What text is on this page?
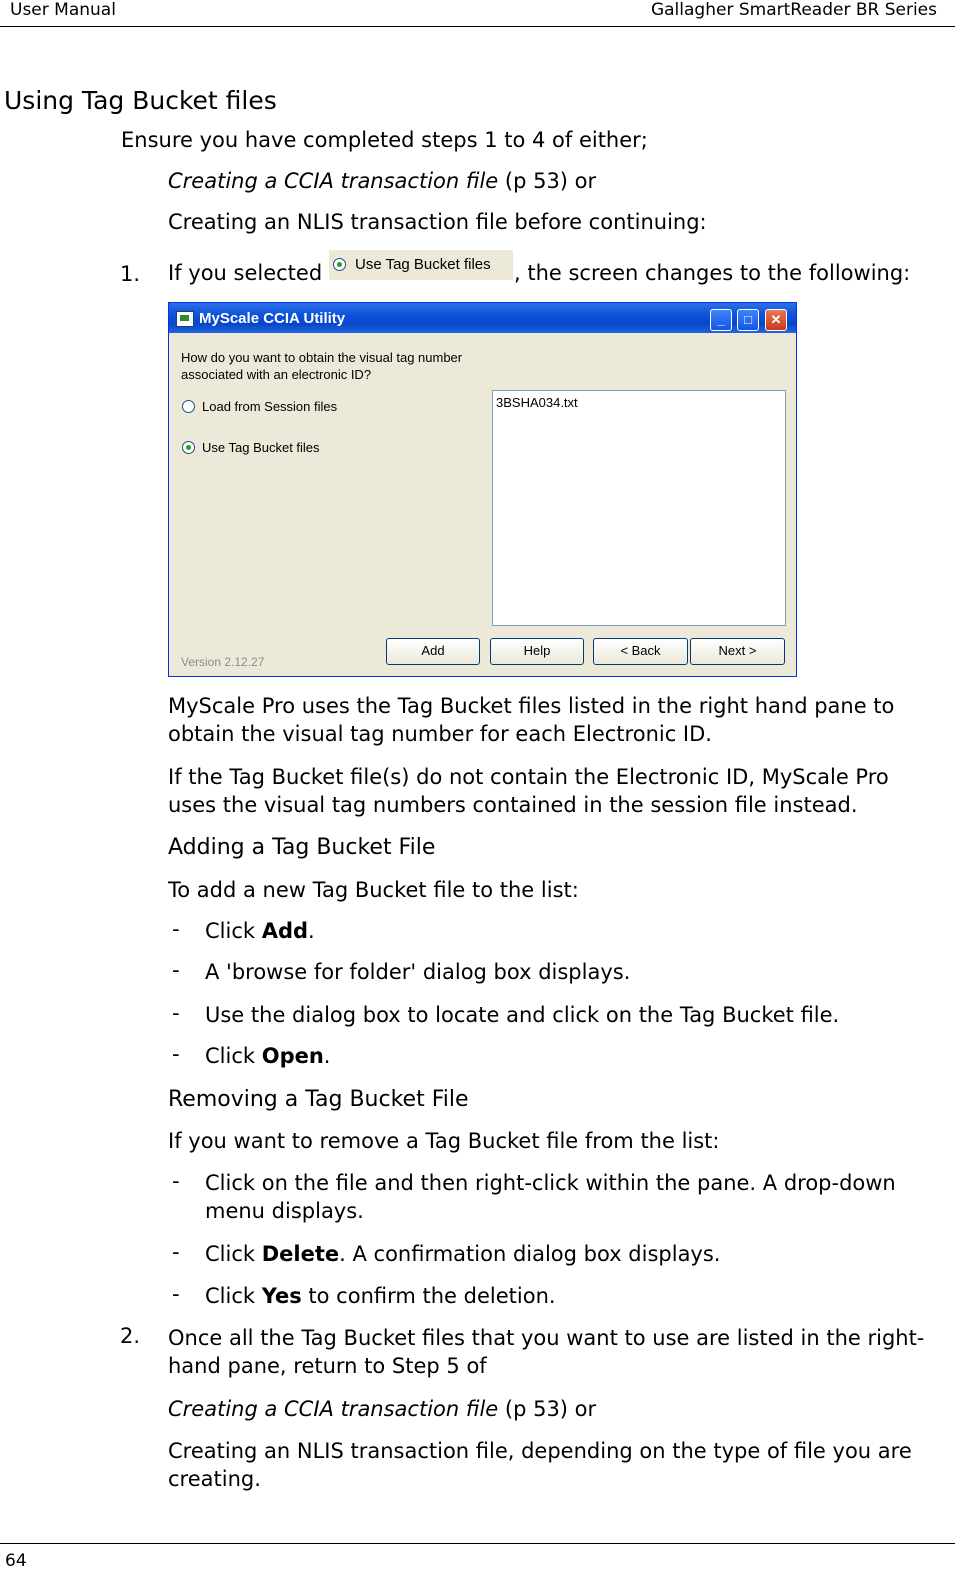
User Manual	Gallagher SmartReader BR Series
Using Tag Bucket files
Ensure you have completed steps 1 to 4 of either;
Creating a CCIA transaction file (p 53) or
Creating an NLIS transaction file before continuing:
1. If you selected Use Tag Bucket files , the screen changes to the following:
MyScale CCIA Utility	_	□	✕
How do you want to obtain the visual tag number
associated with an electronic ID?
Load from Session files
Use Tag Bucket files
3BSHA034.txt
Version 2.12.27
Add	Help	< Back	Next >
MyScale Pro uses the Tag Bucket files listed in the right hand pane to obtain the visual tag number for each Electronic ID.
If the Tag Bucket file(s) do not contain the Electronic ID, MyScale Pro uses the visual tag numbers contained in the session file instead.
Adding a Tag Bucket File
To add a new Tag Bucket file to the list:
- Click Add.
- A 'browse for folder' dialog box displays.
- Use the dialog box to locate and click on the Tag Bucket file.
- Click Open.
Removing a Tag Bucket File
If you want to remove a Tag Bucket file from the list:
- Click on the file and then right-click within the pane. A drop-down menu displays.
- Click Delete. A confirmation dialog box displays.
- Click Yes to confirm the deletion.
2. Once all the Tag Bucket files that you want to use are listed in the right-hand pane, return to Step 5 of
Creating a CCIA transaction file (p 53) or
Creating an NLIS transaction file, depending on the type of file you are creating.
64
